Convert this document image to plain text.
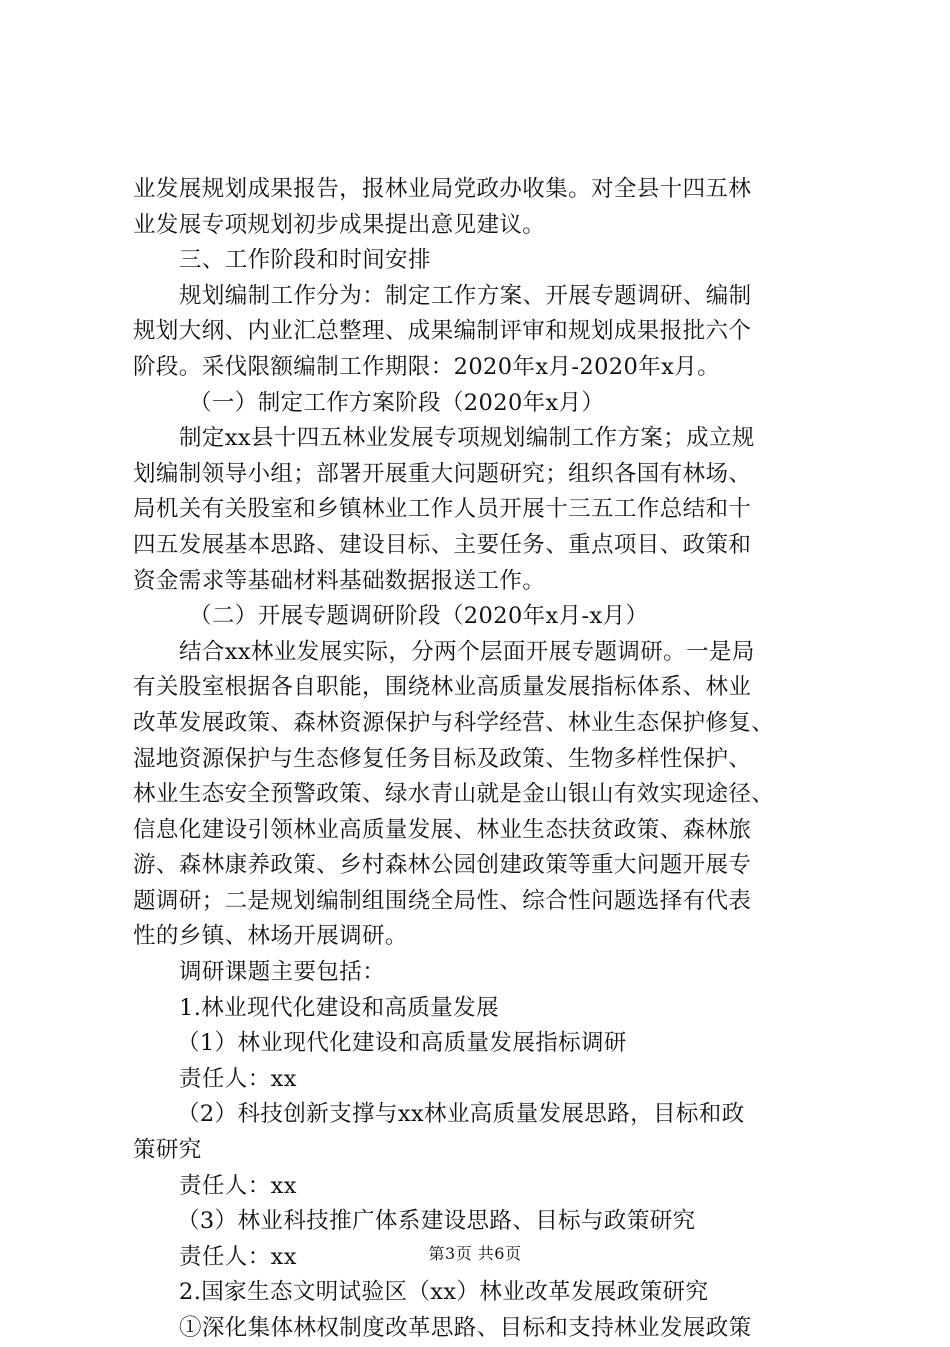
业发展规划成果报告，报林业局党政办收集。对全县十四五林
业发展专项规划初步成果提出意见建议。
三、工作阶段和时间安排
规划编制工作分为：制定工作方案、开展专题调研、编制
规划大纲、内业汇总整理、成果编制评审和规划成果报批六个
阶段。采伐限额编制工作期限：2020年x月-2020年x月。
（一）制定工作方案阶段（2020年x月）
制定xx县十四五林业发展专项规划编制工作方案；成立规
划编制领导小组；部署开展重大问题研究；组织各国有林场、
局机关有关股室和乡镇林业工作人员开展十三五工作总结和十
四五发展基本思路、建设目标、主要任务、重点项目、政策和
资金需求等基础材料基础数据报送工作。
（二）开展专题调研阶段（2020年x月-x月）
结合xx林业发展实际，分两个层面开展专题调研。一是局
有关股室根据各自职能，围绕林业高质量发展指标体系、林业
改革发展政策、森林资源保护与科学经营、林业生态保护修复、
湿地资源保护与生态修复任务目标及政策、生物多样性保护、
林业生态安全预警政策、绿水青山就是金山银山有效实现途径、
信息化建设引领林业高质量发展、林业生态扶贫政策、森林旅
游、森林康养政策、乡村森林公园创建政策等重大问题开展专
题调研；二是规划编制组围绕全局性、综合性问题选择有代表
性的乡镇、林场开展调研。
调研课题主要包括：
1.林业现代化建设和高质量发展
（1）林业现代化建设和高质量发展指标调研
责任人：xx
（2）科技创新支撑与xx林业高质量发展思路，目标和政
策研究
责任人：xx
（3）林业科技推广体系建设思路、目标与政策研究
责任人：xx
2.国家生态文明试验区（xx）林业改革发展政策研究
①深化集体林权制度改革思路、目标和支持林业发展政策
第3页 共6页
